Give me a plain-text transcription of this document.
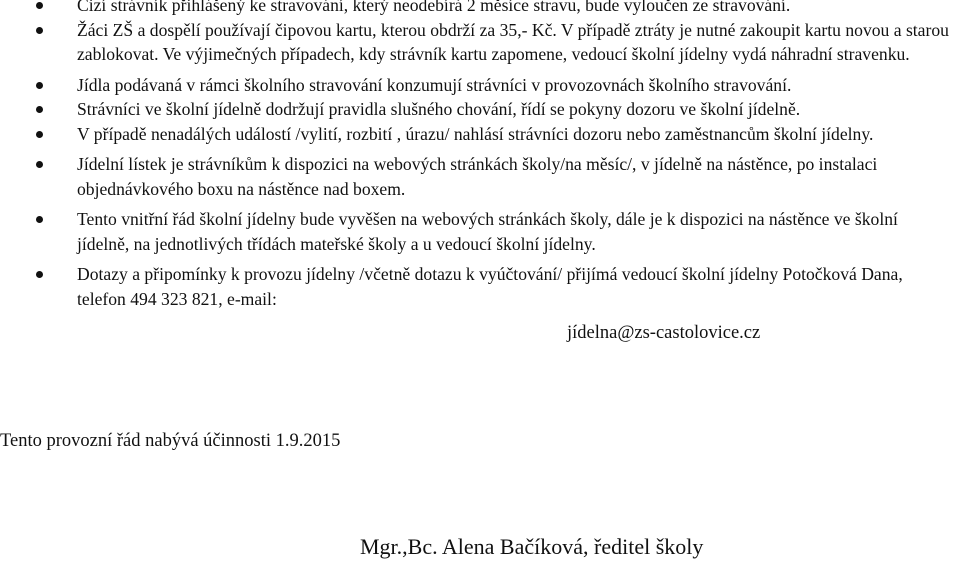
Cizí strávník přihlášený ke stravování, který neodebírá 2 měsíce stravu, bude vyloučen ze stravování.
Žáci ZŠ a dospělí používají čipovou kartu, kterou obdrží za 35,- Kč. V případě ztráty je nutné zakoupit kartu novou a starou zablokovat. Ve výjimečných případech, kdy strávník kartu zapomene, vedoucí školní jídelny vydá náhradní stravenku.
Jídla podávaná v rámci školního stravování konzumují strávníci v provozovnách školního stravování.
Strávníci ve školní jídelně dodržují pravidla slušného chování, řídí se pokyny dozoru ve školní jídelně.
V případě nenadálých událostí /vylití, rozbití , úrazu/ nahlásí strávníci dozoru nebo zaměstnancům školní jídelny.
Jídelní lístek je strávníkům k dispozici na webových stránkách školy/na měsíc/, v jídelně na nástěnce, po instalaci objednávkového boxu na nástěnce nad boxem.
Tento vnitřní řád školní jídelny bude vyvěšen na webových stránkách školy, dále je k dispozici na nástěnce ve školní jídelně, na jednotlivých třídách mateřské školy a u vedoucí školní jídelny.
Dotazy a připomínky k provozu jídelny /včetně dotazu k vyúčtování/ přijímá vedoucí školní jídelny Potočková Dana, telefon 494 323 821, e-mail:
jídelna@zs-castolovice.cz
Tento provozní řád nabývá účinnosti 1.9.2015
Mgr.,Bc. Alena Bačíková, ředitel školy
